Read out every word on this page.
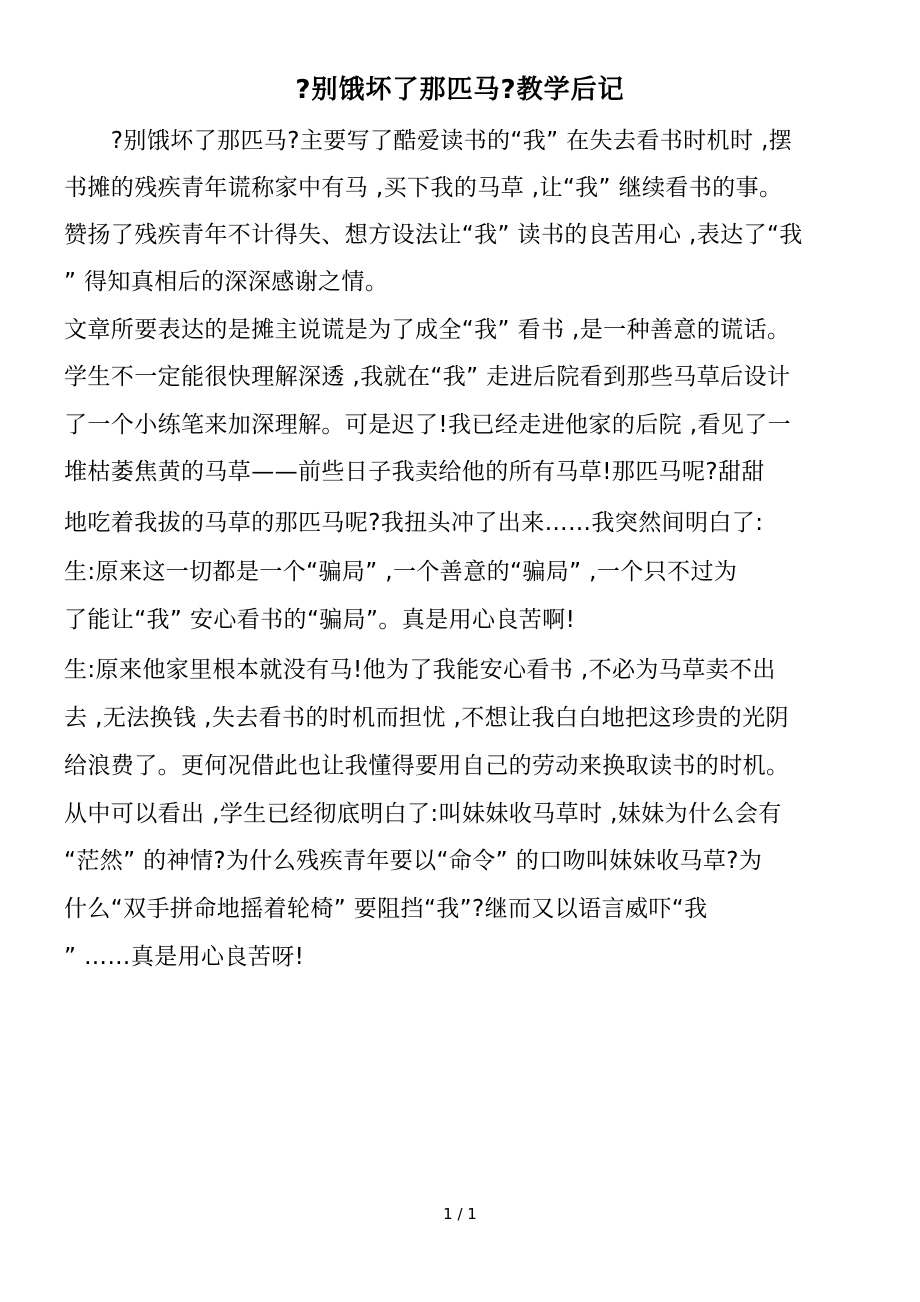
?别饿坏了那匹马?教学后记
　　?别饿坏了那匹马?主要写了酷爱读书的“我” 在失去看书时机时 ,摆
书摊的残疾青年谎称家中有马 ,买下我的马草 ,让“我” 继续看书的事。
赞扬了残疾青年不计得失、想方设法让“我” 读书的良苦用心 ,表达了“我
” 得知真相后的深深感谢之情。
文章所要表达的是摊主说谎是为了成全“我” 看书 ,是一种善意的谎话。
学生不一定能很快理解深透 ,我就在“我” 走进后院看到那些马草后设计
了一个小练笔来加深理解。可是迟了!我已经走进他家的后院 ,看见了一
堆枯萎焦黄的马草——前些日子我卖给他的所有马草!那匹马呢?甜甜
地吃着我拔的马草的那匹马呢?我扭头冲了出来……我突然间明白了:
生:原来这一切都是一个“骗局” ,一个善意的“骗局” ,一个只不过为
了能让“我” 安心看书的“骗局”。真是用心良苦啊!
生:原来他家里根本就没有马!他为了我能安心看书 ,不必为马草卖不出
去 ,无法换钱 ,失去看书的时机而担忧 ,不想让我白白地把这珍贵的光阴
给浪费了。更何况借此也让我懂得要用自己的劳动来换取读书的时机。
从中可以看出 ,学生已经彻底明白了:叫妹妹收马草时 ,妹妹为什么会有
“茫然” 的神情?为什么残疾青年要以“命令” 的口吻叫妹妹收马草?为
什么“双手拼命地摇着轮椅” 要阻挡“我”?继而又以语言威吓“我
” ……真是用心良苦呀!
1 / 1
